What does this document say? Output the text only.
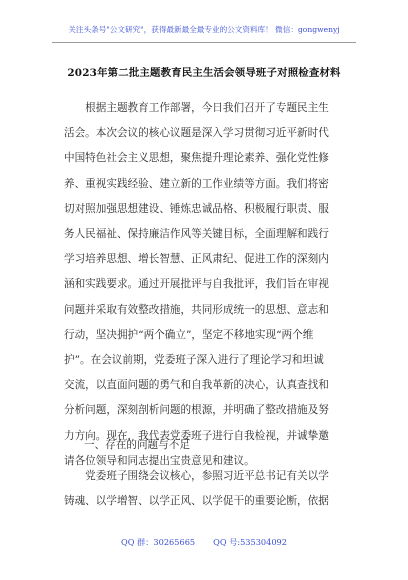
关注头条号"公文研究"，获得最新最全最专业的公文资料库！ 微信：gongwenyj
2023年第二批主题教育民主生活会领导班子对照检查材料
　　根据主题教育工作部署，今日我们召开了专题民主生
活会。本次会议的核心议题是深入学习贯彻习近平新时代
中国特色社会主义思想，聚焦提升理论素养、强化党性修
养、重视实践经验、建立新的工作业绩等方面。我们将密
切对照加强思想建设、锤炼忠诚品格、积极履行职责、服
务人民福祉、保持廉洁作风等关键目标，全面理解和践行
学习培养思想、增长智慧、正风肃纪、促进工作的深刻内
涵和实践要求。通过开展批评与自我批评，我们旨在审视
问题并采取有效整改措施，共同形成统一的思想、意志和
行动，坚决拥护“两个确立”，坚定不移地实现“两个维
护”。在会议前期，党委班子深入进行了理论学习和坦诚
交流，以直面问题的勇气和自我革新的决心，认真查找和
分析问题，深刻剖析问题的根源，并明确了整改措施及努
力方向。现在，我代表党委班子进行自我检视，并诚挚邀
请各位领导和同志提出宝贵意见和建议。
一、存在的问题与不足
　　党委班子围绕会议核心，参照习近平总书记有关以学
铸魂、以学增智、以学正风、以学促干的重要论断，依据
QQ 群：30265665 QQ 号:535304092
